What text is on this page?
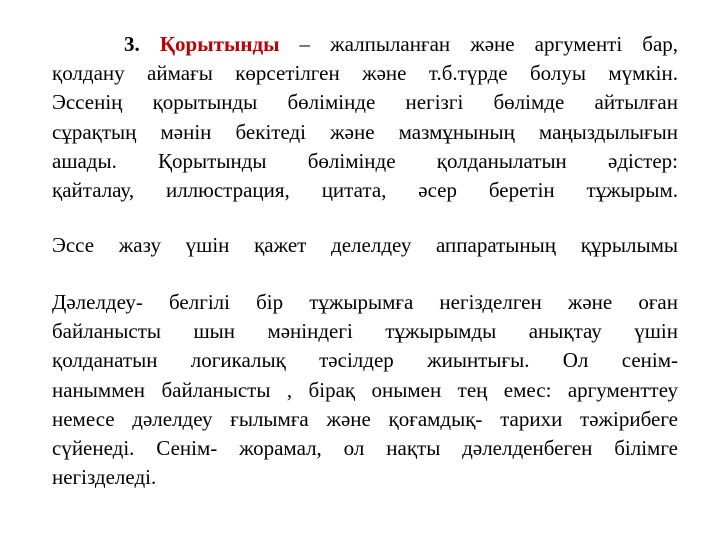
3. Қорытынды – жалпыланған және аргументі бар,
қолдану аймағы көрсетілген және т.б.түрде болуы мүмкін.
Эссенің қорытынды бөлімінде негізгі бөлімде айтылған
сұрақтың мәнін бекітеді және мазмұнының маңыздылығын
ашады. Қорытынды бөлімінде қолданылатын әдістер:
қайталау, иллюстрация, цитата, әсер беретін тұжырым.
Эссе жазу үшін қажет делелдеу аппаратының құрылымы
Дәлелдеу- белгілі бір тұжырымға негізделген және оған
байланысты шын мәніндегі тұжырымды анықтау үшін
қолданатын логикалық тәсілдер жиынтығы. Ол сенім-
наныммен байланысты , бірақ онымен тең емес: аргументтеу
немесе дәлелдеу ғылымға және қоғамдық- тарихи тәжірибеге
сүйенеді. Сенім- жорамал, ол нақты дәлелденбеген білімге
негізделеді.
